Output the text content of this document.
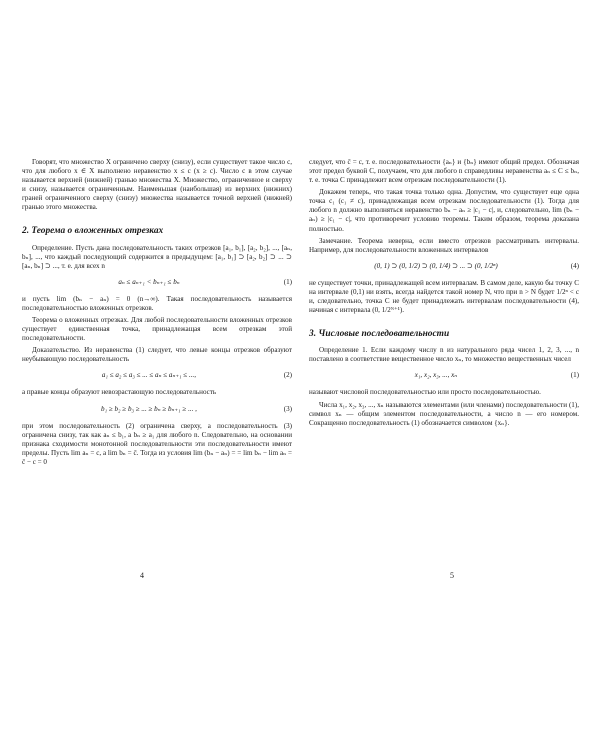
Говорят, что множество X ограничено сверху (снизу), если существует такое число c, что для любого x ∈ X выполнено неравенство x ≤ c (x ≥ c). Число c в этом случае называется верхней (нижней) гранью множества X. Множество, ограниченное и сверху и снизу, называется ограниченным. Наименьшая (наибольшая) из верхних (нижних) граней ограниченного сверху (снизу) множества называется точной верхней (нижней) гранью этого множества.

2. Теорема о вложенных отрезках

Определение. Пусть дана последовательность таких отрезков [a₁, b₁], [a₂, b₂], ..., [aₙ, bₙ], ..., что каждый последующий содержится в предыдущем: [a₁, b₁] ⊃ [a₂, b₂] ⊃ ... ⊃ [aₙ, bₙ] ⊃ ..., т. е. для всех n

aₙ ≤ aₙ₊₁ < bₙ₊₁ ≤ bₙ	(1)

и пусть lim (bₙ − aₙ) = 0 (n→∞). Такая последовательность называется последовательностью вложенных отрезков.

Теорема о вложенных отрезках. Для любой последовательности вложенных отрезков существует единственная точка, принадлежащая всем отрезкам этой последовательности.

Доказательство. Из неравенства (1) следует, что левые концы отрезков образуют неубывающую последовательность

a₁ ≤ a₂ ≤ a₃ ≤ ... ≤ aₙ ≤ aₙ₊₁ ≤ ...,	(2)

а правые концы образуют невозрастающую последовательность

b₁ ≥ b₂ ≥ b₃ ≥ ... ≥ bₙ ≥ bₙ₊₁ ≥ ... ,	(3)

при этом последовательность (2) ограничена сверху, а последовательность (3) ограничена снизу, так как aₙ ≤ b₁, а bₙ ≥ a₁ для любого n. Следовательно, на основании признака сходимости монотонной последовательности эти последовательности имеют пределы. Пусть lim aₙ = c, a lim bₙ = c̄. Тогда из условия lim (bₙ − aₙ) = = lim bₙ − lim aₙ = c̄ − c = 0

следует, что c̄ = c, т. е. последовательности {aₙ} и {bₙ} имеют общий предел. Обозначая этот предел буквой C, получаем, что для любого n справедливы неравенства aₙ ≤ C ≤ bₙ, т. е. точка C принадлежит всем отрезкам последовательности (1).

Докажем теперь, что такая точка только одна. Допустим, что существует еще одна точка c₁ (c₁ ≠ c), принадлежащая всем отрезкам последовательности (1). Тогда для любого n должно выполняться неравенство bₙ − aₙ ≥ |c₁ − c|, и, следовательно, lim (bₙ − aₙ) ≥ |c₁ − c|, что противоречит условию теоремы. Таким образом, теорема доказана полностью.

Замечание. Теорема неверна, если вместо отрезков рассматривать интервалы. Например, для последовательности вложенных интервалов

(0, 1) ⊃ (0, 1/2) ⊃ (0, 1/4) ⊃ ... ⊃ (0, 1/2ⁿ)	(4)

не существует точки, принадлежащей всем интервалам. В самом деле, какую бы точку C на интервале (0,1) ни взять, всегда найдется такой номер N, что при n > N будет 1/2ⁿ < c и, следовательно, точка C не будет принадлежать интервалам последовательности (4), начиная с интервала (0, 1/2ᴺ⁺¹).

3. Числовые последовательности

Определение 1. Если каждому числу n из натурального ряда чисел 1, 2, 3, ..., n поставлено в соответствие вещественное число xₙ, то множество вещественных чисел

x₁, x₂, x₃, ..., xₙ	(1)

называют числовой последовательностью или просто последовательностью.

Числа x₁, x₂, x₃, ..., xₙ называются элементами (или членами) последовательности (1), символ xₙ — общим элементом последовательности, а число n — его номером. Сокращенно последовательность (1) обозначается символом {xₙ}.

4	5
